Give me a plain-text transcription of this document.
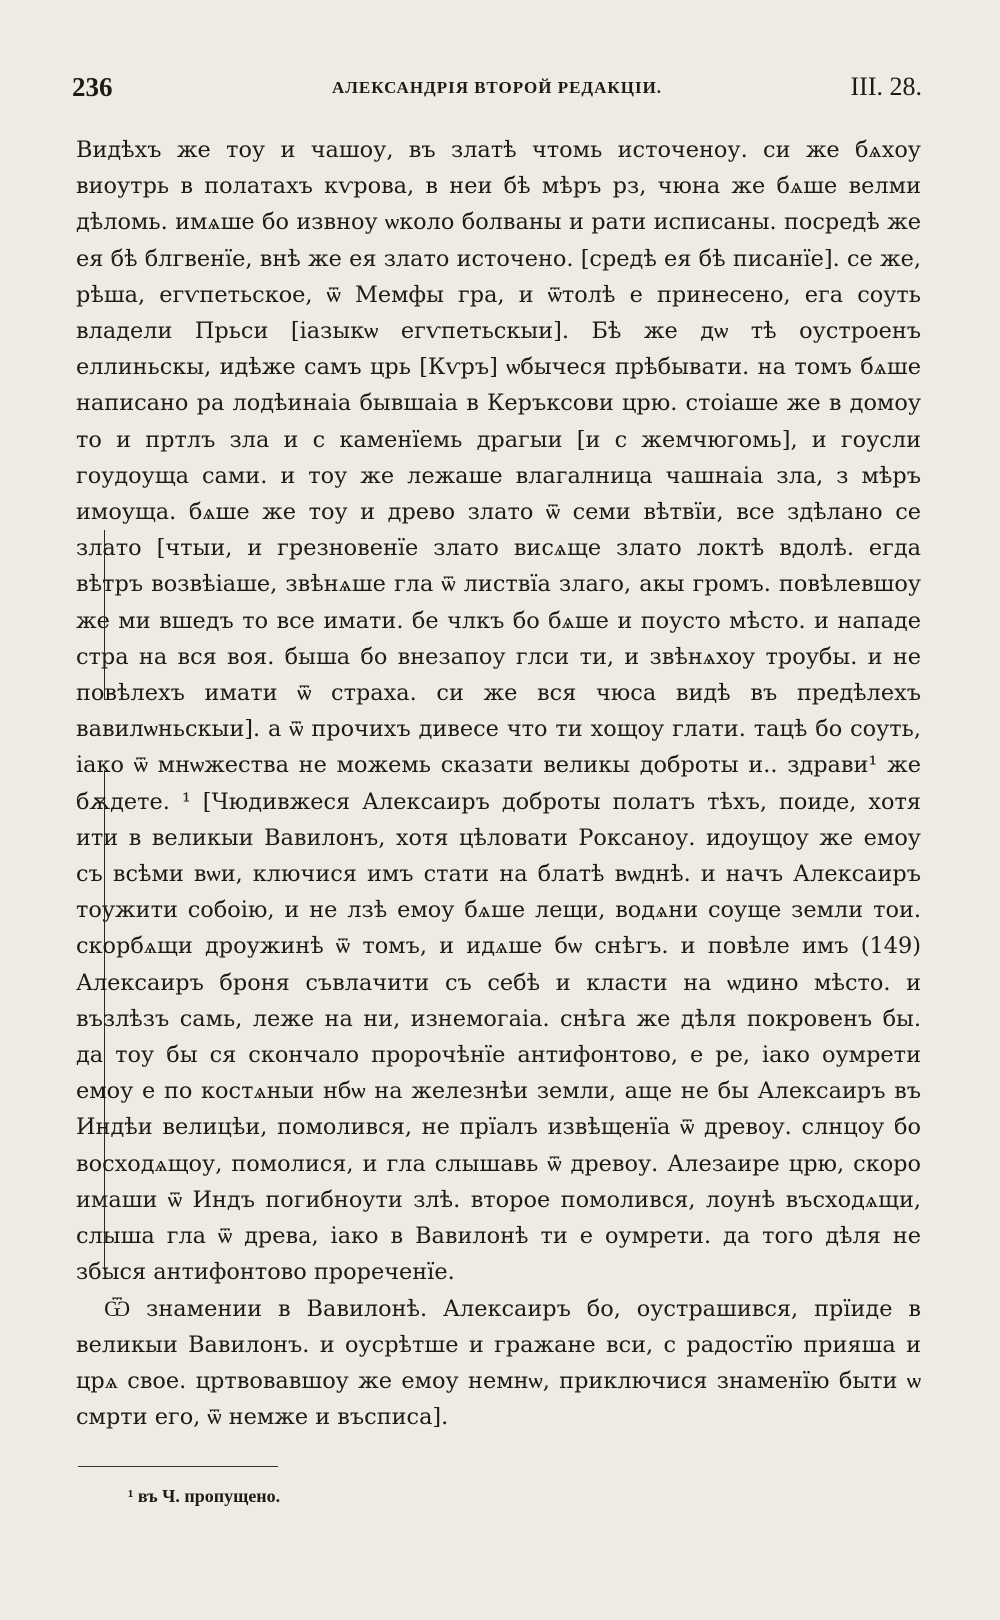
236	АЛЕКСАНДРІЯ ВТОРОЙ РЕДАКЦІИ.	III. 28.

Видѣхъ же тоу и чашоу, въ златѣ чтомь источеноу. си же бѧхоу виоутрь в полатахъ кѵрова, в неи бѣ мѣръ рз, чюна же бѧше велми дѣломь. имѧше бо извноу ѡколо болваны и рати исписаны. посредѣ же ея бѣ блгвенїе, внѣ же ея злато источено. [средѣ ея бѣ писанїе]. се же, рѣша, егѵпетьское, ѿ Мемфы гра, и ѿтолѣ е принесено, ега соуть владели Прьси [іазыкѡ егѵпетьскыи]. Бѣ же дѡ тѣ оустроенъ еллиньскы, идѣже самъ црь [Кѵръ] ѡбычеся прѣбывати. на томъ бѧше написано ра лодѣинаia бывшаia в Керъксови црю. стоiаше же в домоу то и пртлъ зла и с каменїемь драгыи [и с жемчюгомь], и гоусли гоудоуща сами. и тоу же лежаше влагалница чашнаia зла, з мѣръ имоуща. бѧше же тоу и древо злато ѿ семи вѣтвїи, все здѣлано се злато [чтыи, и грезновенїе злато висѧще злато локтѣ вдолѣ. егда вѣтръ возвѣiаше, звѣнѧше гла ѿ листвїа злаго, акы громъ. повѣлевшоу же ми вшедъ то все имати. бе члкъ бо бѧше и поусто мѣсто. и нападе стра на вся воя. быша бо внезапоу глси ти, и звѣнѧхоу троубы. и не повѣлехъ имати ѿ страха. си же вся чюса видѣ въ предѣлехъ вавилѡньскыи]. а ѿ прочихъ дивесе что ти хощоу глати. тацѣ бо соуть, iако ѿ мнѡжества не можемь сказати великы доброты и.. здрави¹ же бѫдете. ¹ [Чюдивжеся Алексаиръ доброты полатъ тѣхъ, поиде, хотя ити в великыи Вавилонъ, хотя цѣловати Роксаноу. идоущоу же емоу съ всѣми вѡи, ключися имъ стати на блатѣ вѡднѣ. и начъ Алексаиръ тоужити собоiю, и не лзѣ емоу бѧше лещи, водѧни соуще земли тои. скорбѧщи дроужинѣ ѿ томъ, и идѧше бѡ снѣгъ. и повѣле имъ (149) Алексаиръ броня съвлачити съ себѣ и класти на ѡдино мѣсто. и възлѣзъ самь, леже на ни, изнемогаia. снѣга же дѣля покровенъ бы. да тоу бы ся скончало пророчѣнїе антифонтово, е ре, iако оумрети емоу е по костѧныи нбѡ на железнѣи земли, аще не бы Алексаиръ въ Индѣи велицѣи, помолився, не прїалъ извѣщенїа ѿ древоу. слнцоу бо восходѧщоу, помолися, и гла слышавь ѿ древоу. Алезаире црю, скоро имаши ѿ Индъ погибноути злѣ. второе помолився, лоунѣ въсходѧщи, слыша гла ѿ древа, iако в Вавилонѣ ти е оумрети. да того дѣля не збыся антифонтово прореченїе.

Ѿ знамении в Вавилонѣ. Алексаиръ бо, оустрашився, прїиде в великыи Вавилонъ. и оусрѣтше и гражане вси, с радостїю прияша и црѧ свое. цртвовавшоу же емоу немнѡ, приключися знаменїю быти ѡ смрти его, ѿ немже и въсписа].

¹ въ Ч. пропущено.
